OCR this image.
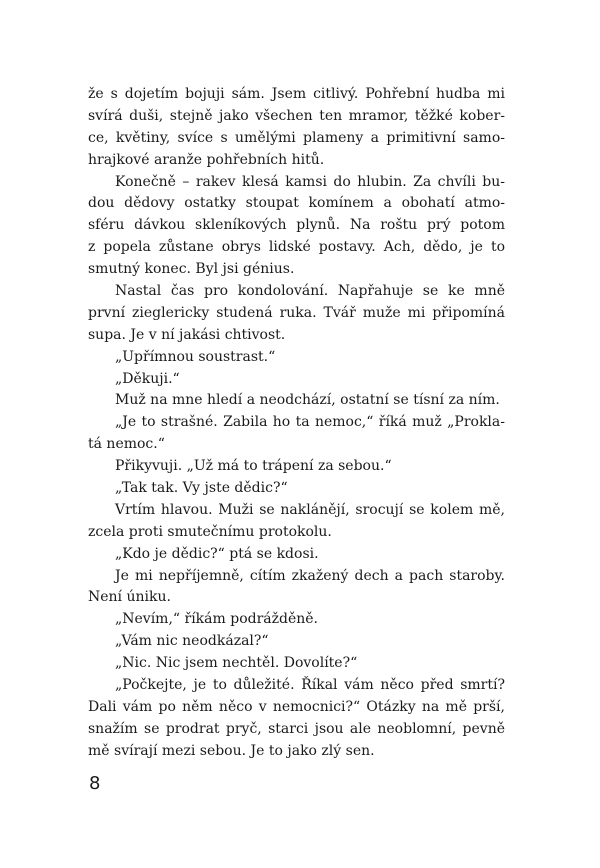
že s dojetím bojuji sám. Jsem citlivý. Pohřební hudba mi
svírá duši, stejně jako všechen ten mramor, těžké kober-
ce, květiny, svíce s umělými plameny a primitivní samo-
hrajkové aranže pohřebních hitů.
Konečně – rakev klesá kamsi do hlubin. Za chvíli bu-
dou dědovy ostatky stoupat komínem a obohatí atmo-
sféru dávkou skleníkových plynů. Na roštu prý potom
z popela zůstane obrys lidské postavy. Ach, dědo, je to
smutný konec. Byl jsi génius.
Nastal čas pro kondolování. Napřahuje se ke mně
první zieglericky studená ruka. Tvář muže mi připomíná
supa. Je v ní jakási chtivost.
„Upřímnou soustrast.“
„Děkuji.“
Muž na mne hledí a neodchází, ostatní se tísní za ním.
„Je to strašné. Zabila ho ta nemoc,“ říká muž „Prokla-
tá nemoc.“
Přikyvuji. „Už má to trápení za sebou.“
„Tak tak. Vy jste dědic?“
Vrtím hlavou. Muži se naklánějí, srocují se kolem mě,
zcela proti smutečnímu protokolu.
„Kdo je dědic?“ ptá se kdosi.
Je mi nepříjemně, cítím zkažený dech a pach staroby.
Není úniku.
„Nevím,“ říkám podrážděně.
„Vám nic neodkázal?“
„Nic. Nic jsem nechtěl. Dovolíte?“
„Počkejte, je to důležité. Říkal vám něco před smrtí?
Dali vám po něm něco v nemocnici?“ Otázky na mě prší,
snažím se prodrat pryč, starci jsou ale neoblomní, pevně
mě svírají mezi sebou. Je to jako zlý sen.
8
